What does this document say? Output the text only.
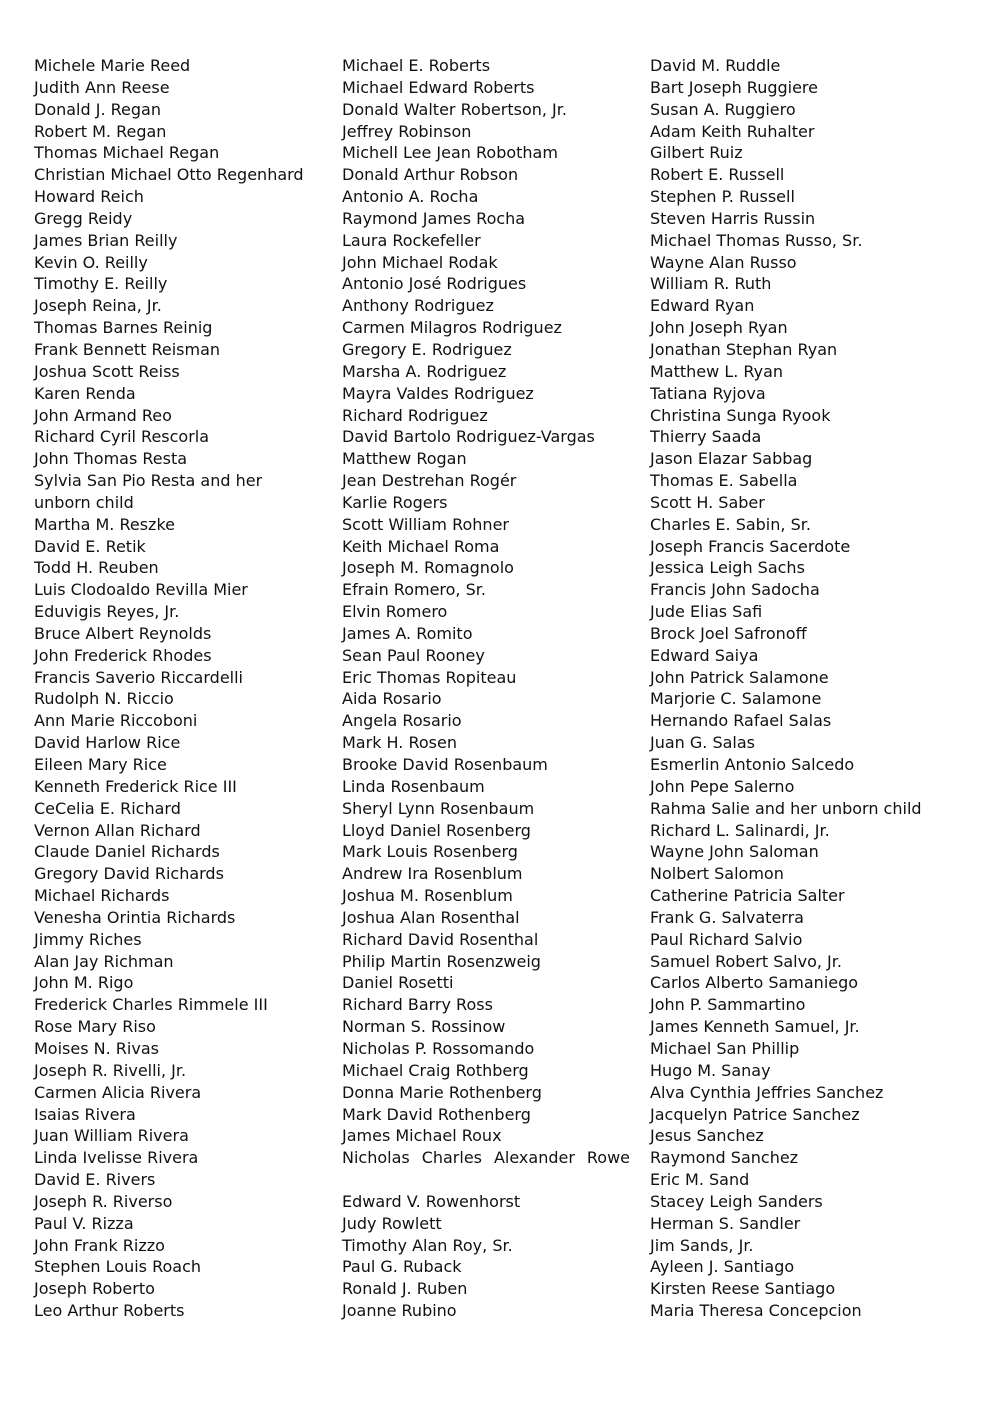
Michele Marie Reed

Judith Ann Reese

Donald J. Regan

Robert M. Regan

Thomas Michael Regan

Christian Michael Otto Regenhard

Howard Reich

Gregg Reidy

James Brian Reilly

Kevin O. Reilly

Timothy E. Reilly

Joseph Reina, Jr.

Thomas Barnes Reinig

Frank Bennett Reisman

Joshua Scott Reiss

Karen Renda

John Armand Reo

Richard Cyril Rescorla

John Thomas Resta

Sylvia San Pio Resta and her

unborn child

Martha M. Reszke

David E. Retik

Todd H. Reuben

Luis Clodoaldo Revilla Mier

Eduvigis Reyes, Jr.

Bruce Albert Reynolds

John Frederick Rhodes

Francis Saverio Riccardelli

Rudolph N. Riccio

Ann Marie Riccoboni

David Harlow Rice

Eileen Mary Rice

Kenneth Frederick Rice III

CeCelia E. Richard

Vernon Allan Richard

Claude Daniel Richards

Gregory David Richards

Michael Richards

Venesha Orintia Richards

Jimmy Riches

Alan Jay Richman

John M. Rigo

Frederick Charles Rimmele III

Rose Mary Riso

Moises N. Rivas

Joseph R. Rivelli, Jr.

Carmen Alicia Rivera

Isaias Rivera

Juan William Rivera

Linda Ivelisse Rivera

David E. Rivers

Joseph R. Riverso

Paul V. Rizza

John Frank Rizzo

Stephen Louis Roach

Joseph Roberto

Leo Arthur Roberts

Michael E. Roberts

Michael Edward Roberts

Donald Walter Robertson, Jr.

Jeffrey Robinson

Michell Lee Jean Robotham

Donald Arthur Robson

Antonio A. Rocha

Raymond James Rocha

Laura Rockefeller

John Michael Rodak

Antonio José Rodrigues

Anthony Rodriguez

Carmen Milagros Rodriguez

Gregory E. Rodriguez

Marsha A. Rodriguez

Mayra Valdes Rodriguez

Richard Rodriguez

David Bartolo Rodriguez-Vargas

Matthew Rogan

Jean Destrehan Rogér

Karlie Rogers

Scott William Rohner

Keith Michael Roma

Joseph M. Romagnolo

Efrain Romero, Sr.

Elvin Romero

James A. Romito

Sean Paul Rooney

Eric Thomas Ropiteau

Aida Rosario

Angela Rosario

Mark H. Rosen

Brooke David Rosenbaum

Linda Rosenbaum

Sheryl Lynn Rosenbaum

Lloyd Daniel Rosenberg

Mark Louis Rosenberg

Andrew Ira Rosenblum

Joshua M. Rosenblum

Joshua Alan Rosenthal

Richard David Rosenthal

Philip Martin Rosenzweig

Daniel Rosetti

Richard Barry Ross

Norman S. Rossinow

Nicholas P. Rossomando

Michael Craig Rothberg

Donna Marie Rothenberg

Mark David Rothenberg

James Michael Roux

Nicholas Charles Alexander Rowe

Edward V. Rowenhorst

Judy Rowlett

Timothy Alan Roy, Sr.

Paul G. Ruback

Ronald J. Ruben

Joanne Rubino

David M. Ruddle

Bart Joseph Ruggiere

Susan A. Ruggiero

Adam Keith Ruhalter

Gilbert Ruiz

Robert E. Russell

Stephen P. Russell

Steven Harris Russin

Michael Thomas Russo, Sr.

Wayne Alan Russo

William R. Ruth

Edward Ryan

John Joseph Ryan

Jonathan Stephan Ryan

Matthew L. Ryan

Tatiana Ryjova

Christina Sunga Ryook

Thierry Saada

Jason Elazar Sabbag

Thomas E. Sabella

Scott H. Saber

Charles E. Sabin, Sr.

Joseph Francis Sacerdote

Jessica Leigh Sachs

Francis John Sadocha

Jude Elias Safi

Brock Joel Safronoff

Edward Saiya

John Patrick Salamone

Marjorie C. Salamone

Hernando Rafael Salas

Juan G. Salas

Esmerlin Antonio Salcedo

John Pepe Salerno

Rahma Salie and her unborn child

Richard L. Salinardi, Jr.

Wayne John Saloman

Nolbert Salomon

Catherine Patricia Salter

Frank G. Salvaterra

Paul Richard Salvio

Samuel Robert Salvo, Jr.

Carlos Alberto Samaniego

John P. Sammartino

James Kenneth Samuel, Jr.

Michael San Phillip

Hugo M. Sanay

Alva Cynthia Jeffries Sanchez

Jacquelyn Patrice Sanchez

Jesus Sanchez

Raymond Sanchez

Eric M. Sand

Stacey Leigh Sanders

Herman S. Sandler

Jim Sands, Jr.

Ayleen J. Santiago

Kirsten Reese Santiago

Maria Theresa Concepcion
